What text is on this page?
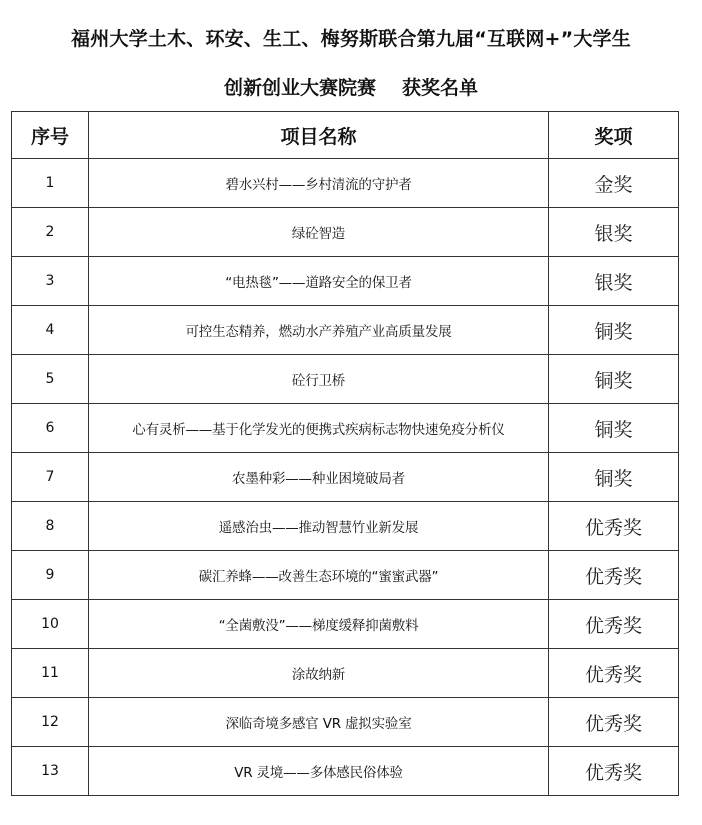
福州大学土木、环安、生工、梅努斯联合第九届“互联网+”大学生
创新创业大赛院赛 获奖名单
序号	项目名称	奖项
1	碧水兴村——乡村清流的守护者	金奖
2	绿砼智造	银奖
3	“电热毯”——道路安全的保卫者	银奖
4	可控生态精养，燃动水产养殖产业高质量发展	铜奖
5	砼行卫桥	铜奖
6	心有灵析——基于化学发光的便携式疾病标志物快速免疫分析仪	铜奖
7	农墨种彩——种业困境破局者	铜奖
8	遥感治虫——推动智慧竹业新发展	优秀奖
9	碳汇养蜂——改善生态环境的“蜜蜜武器”	优秀奖
10	“全菌敷没”——梯度缓释抑菌敷料	优秀奖
11	涂故纳新	优秀奖
12	深临奇境多感官 VR 虚拟实验室	优秀奖
13	VR 灵境——多体感民俗体验	优秀奖
